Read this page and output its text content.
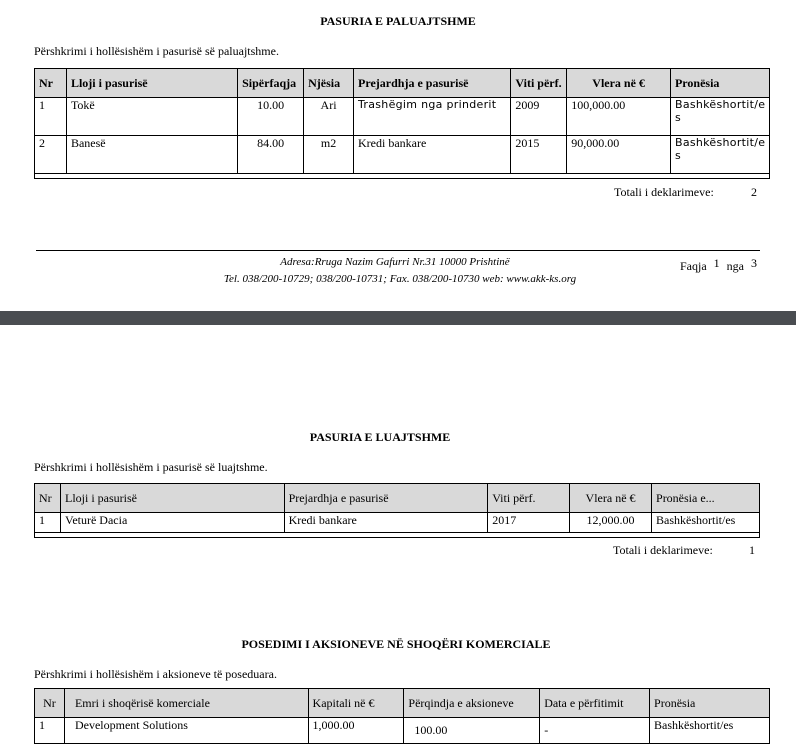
PASURIA E PALUAJTSHME
Përshkrimi i hollësishëm i pasurisë së paluajtshme.
Nr	Lloji i pasurisë	Sipërfaqja	Njësia	Prejardhja e pasurisë	Viti përf.	Vlera në €	Pronësia
1	Tokë	10.00	Ari	Trashëgim nga prinderit	2009	100,000.00	Bashkëshortit/e
s

2	Banesë	84.00	m2	Kredi bankare	2015	90,000.00	Bashkëshortit/e
s

Totali i deklarimeve:	2
Adresa:Rruga Nazim Gafurri Nr.31 10000 Prishtinë
Tel. 038/200-10729; 038/200-10731; Fax. 038/200-10730 web: www.akk-ks.org
Faqja 1 nga 3
PASURIA E LUAJTSHME
Përshkrimi i hollësishëm i pasurisë së luajtshme.
Nr	Lloji i pasurisë	Prejardhja e pasurisë	Viti përf.	Vlera në €	Pronësia e...
1	Veturë Dacia	Kredi bankare	2017	12,000.00	Bashkëshortit/es

Totali i deklarimeve:	1
POSEDIMI I AKSIONEVE NË SHOQËRI KOMERCIALE
Përshkrimi i hollësishëm i aksioneve të poseduara.
Nr	Emri i shoqërisë komerciale	Kapitali në €	Përqindja e aksioneve	Data e përfitimit	Pronësia
1	Development Solutions	1,000.00	100.00	-	Bashkëshortit/es
